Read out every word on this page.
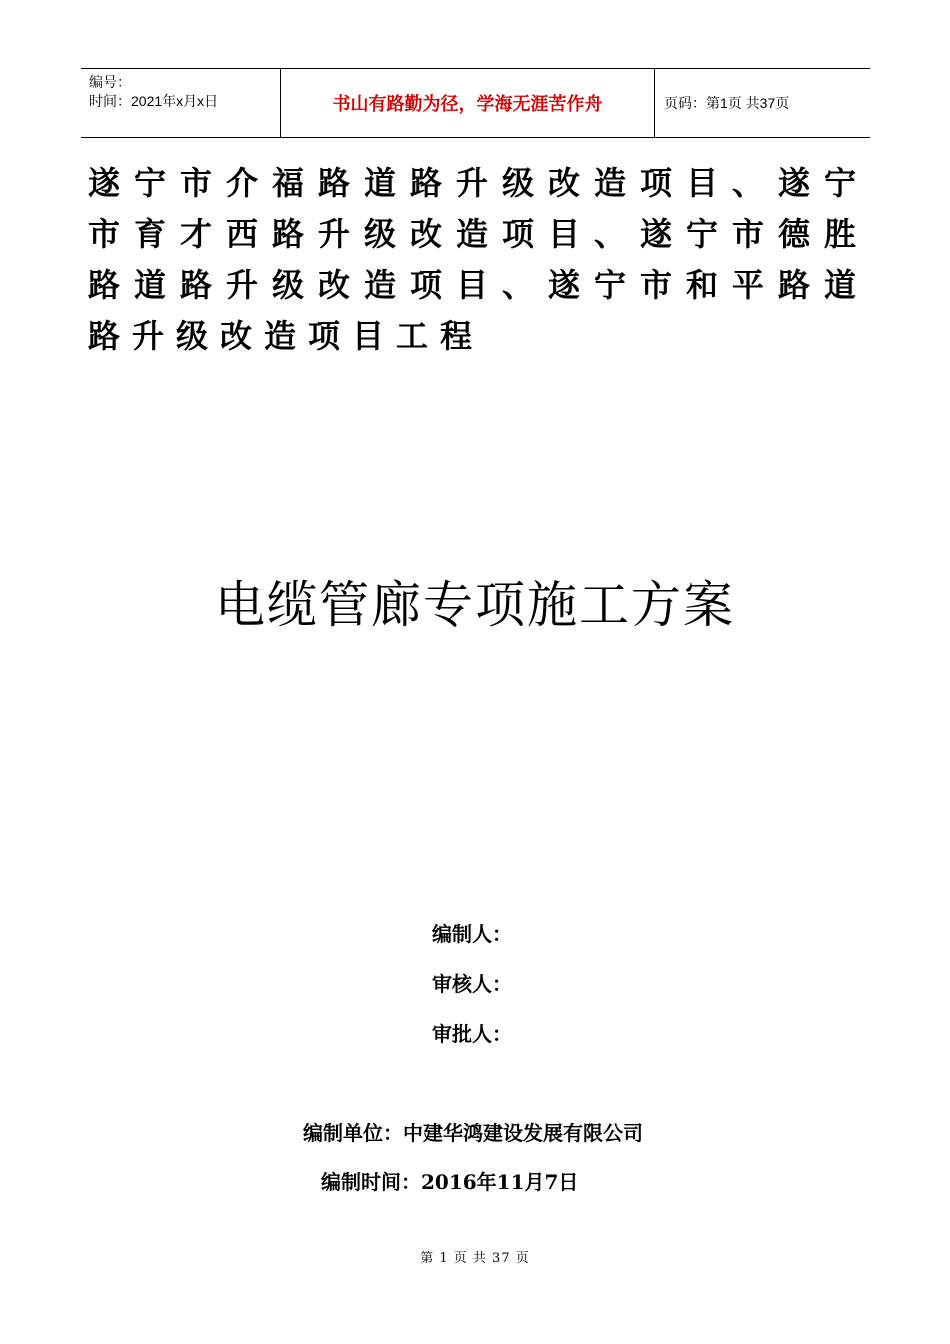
编号：
时间：2021年x月x日	书山有路勤为径，学海无涯苦作舟	页码：第1页 共37页
遂宁市介福路道路升级改造项目、遂宁市育才西路升级改造项目、遂宁市德胜路道路升级改造项目、遂宁市和平路道路升级改造项目工程
电缆管廊专项施工方案
编制人：
审核人：
审批人：
编制单位：中建华鸿建设发展有限公司
编制时间：2016年11月7日
第 1 页 共 37 页
